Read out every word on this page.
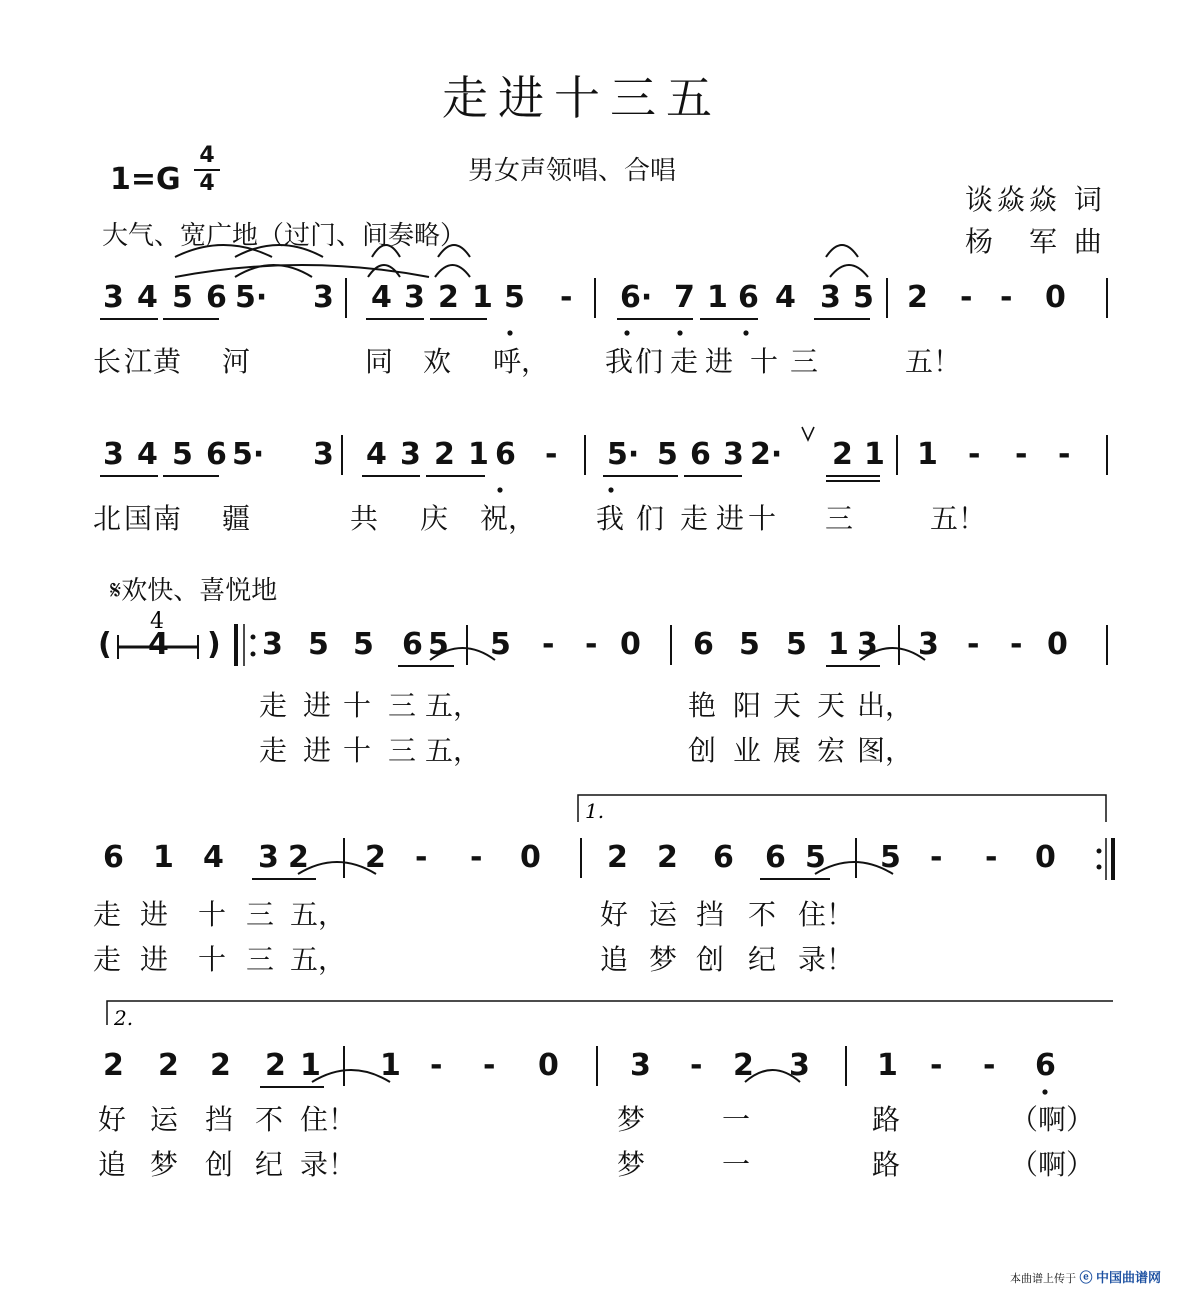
走进十三五
男女声领唱、合唱
1=G
4
4
大气、宽广地（过门、间奏略）
谈焱焱 词
杨　军 曲
𝄋欢快、喜悦地
本曲谱上传于 ⓔ 中国曲谱网
3 4 5 6 5· 3 4 3 2 1 5 - 6· 7 1 6 4 3 5 2 - - 0
长 江 黄 河	同 欢 呼， 我 们 走 进 十 三	五！
3 4 5 6 5· 3 4 3 2 1 6 - 5· 5 6 3 2· 2 1 1 - - -
北 国 南 疆	共 庆 祝， 我 们 走 进 十 三	五！
( 4 ) 3 5 5 6 5 5 - - 0 6 5 5 1 3 3 - - 0
走 进 十 三 五，	艳 阳 天 天 出，
走 进 十 三 五，	创 业 展 宏 图，
6 1 4 3 2 2 - - 0 2 2 6 6 5 5 - - 0
走 进 十 三 五，	好 运 挡 不 住！
走 进 十 三 五，	追 梦 创 纪 录！
2 2 2 2 1 1 - - 0 3 - 2 3 1 - - 6
好 运 挡 不 住！	梦	一	路	（啊）
追 梦 创 纪 录！	梦	一	路	（啊）
1.
2.
4
